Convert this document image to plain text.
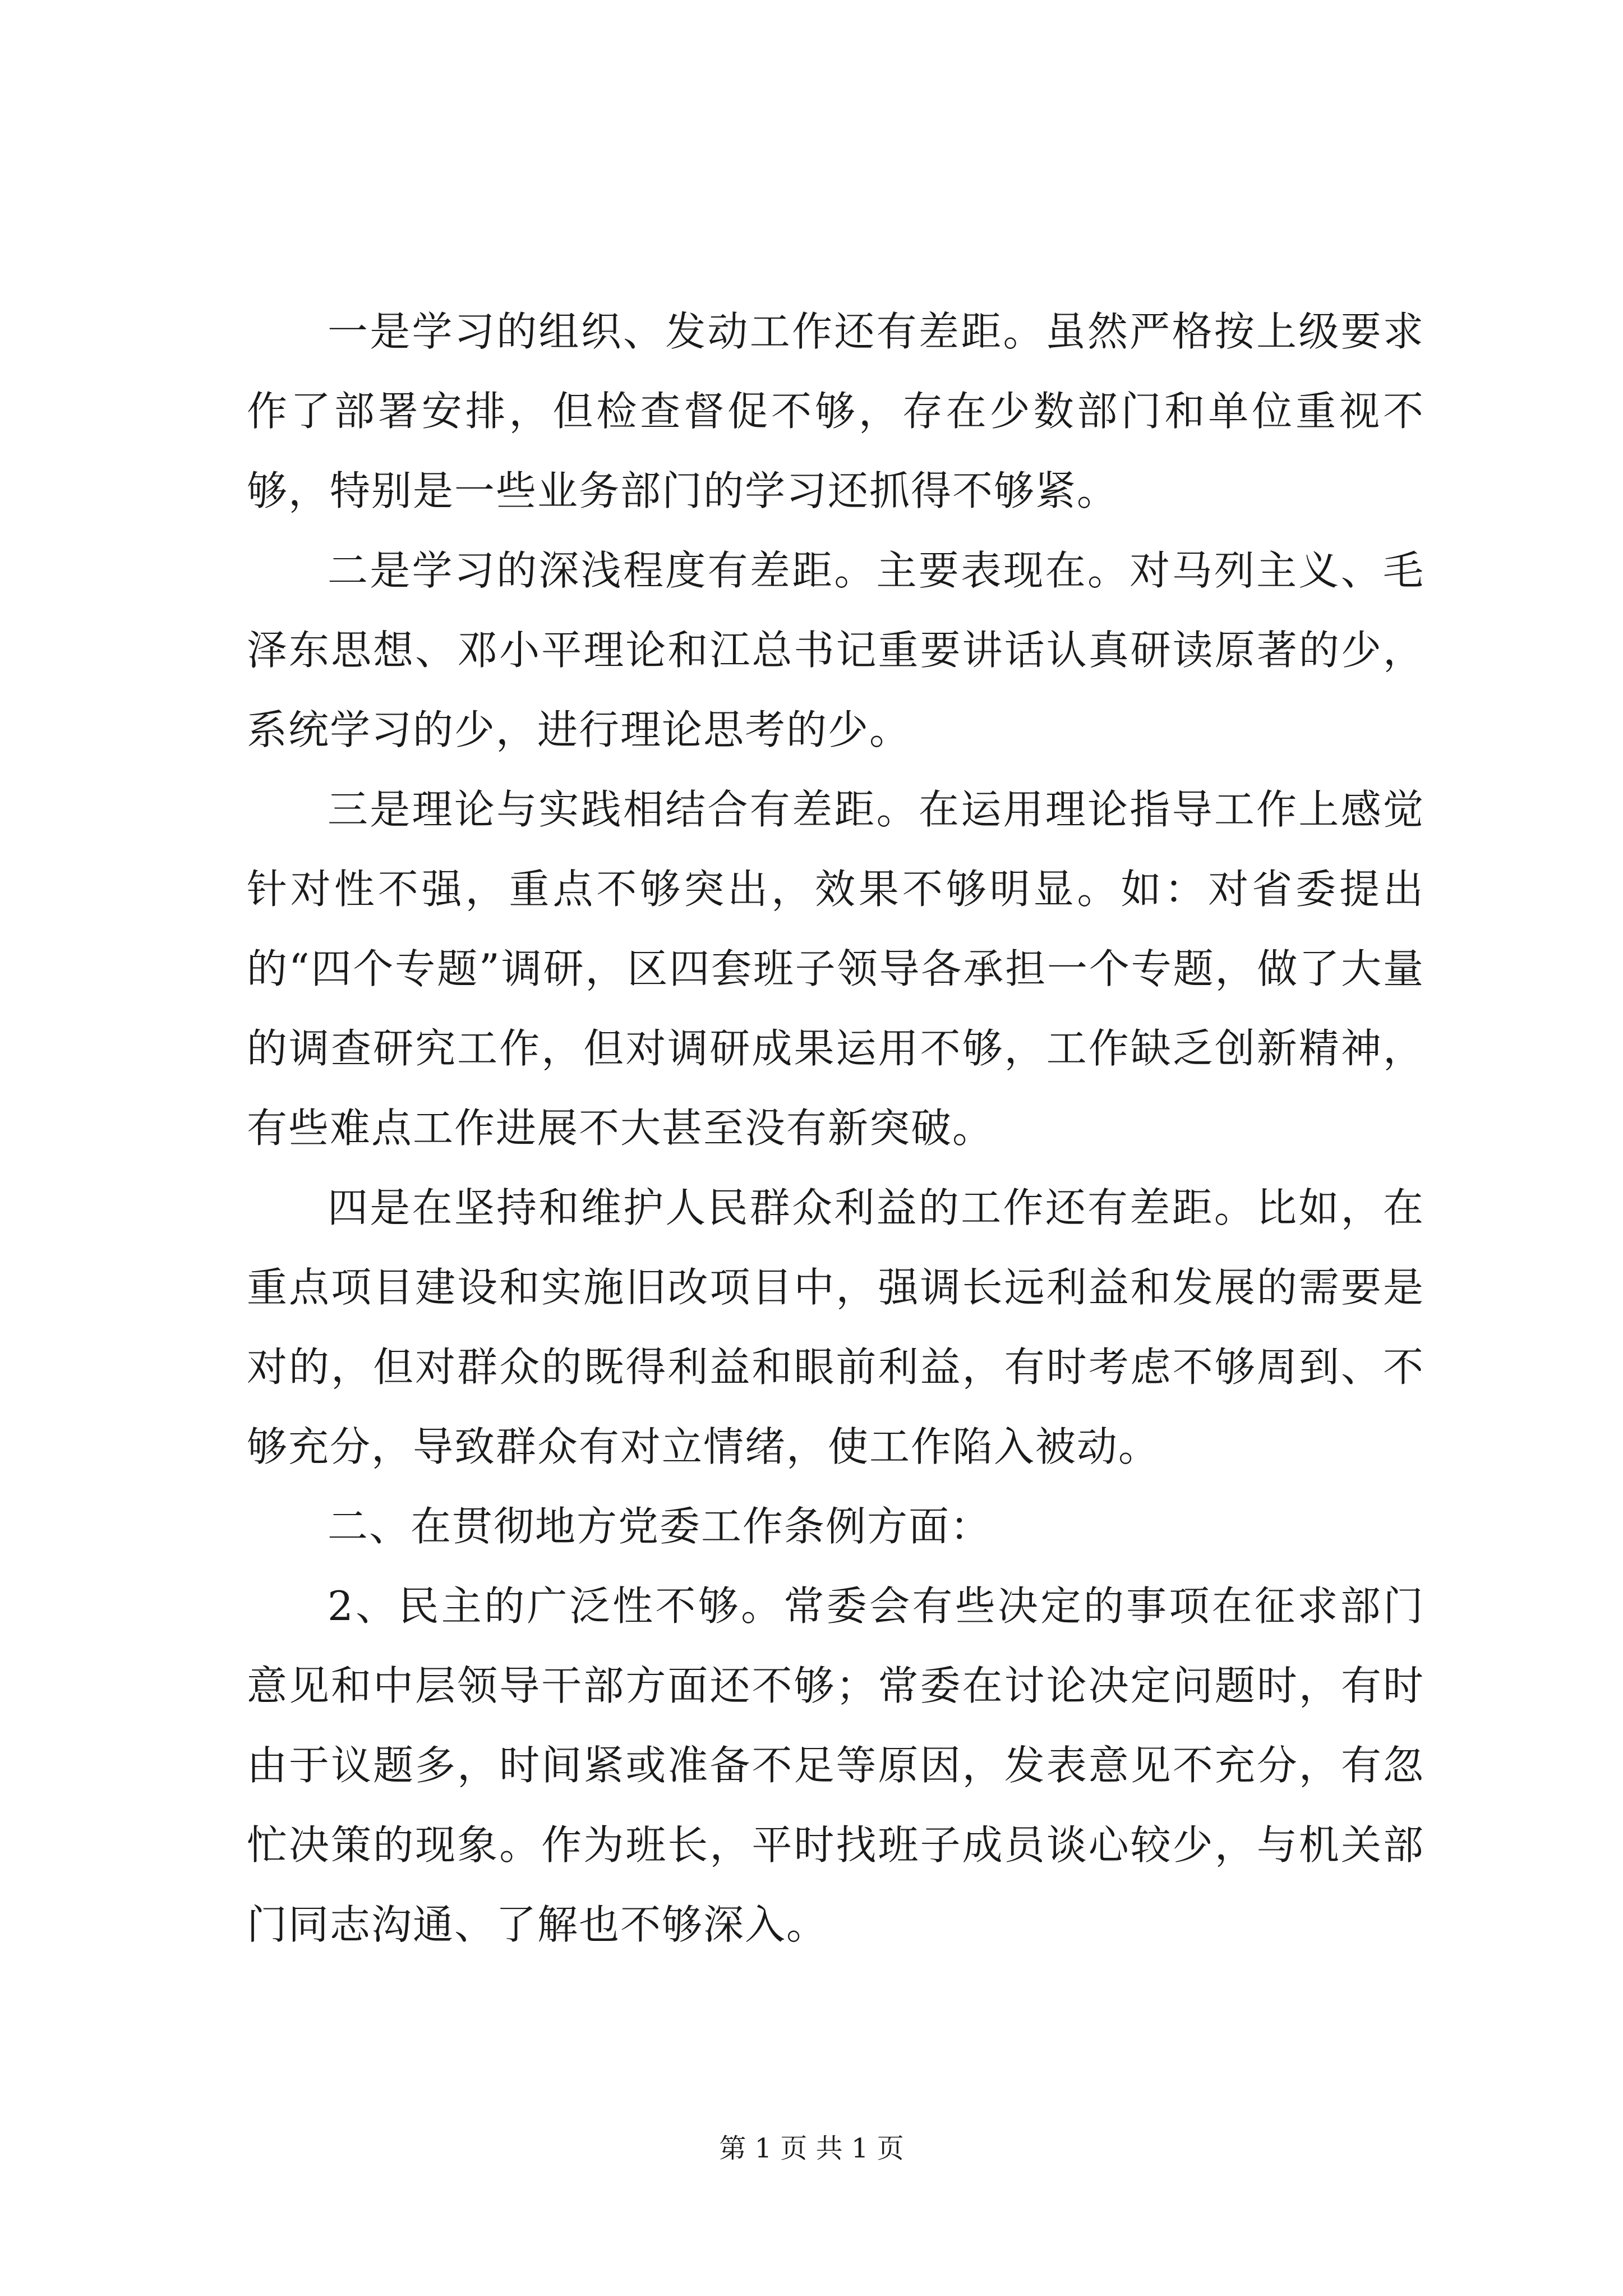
一是学习的组织、发动工作还有差距。虽然严格按上级要求作了部署安排，但检查督促不够，存在少数部门和单位重视不够，特别是一些业务部门的学习还抓得不够紧。

二是学习的深浅程度有差距。主要表现在。对马列主义、毛泽东思想、邓小平理论和江总书记重要讲话认真研读原著的少，系统学习的少，进行理论思考的少。

三是理论与实践相结合有差距。在运用理论指导工作上感觉针对性不强，重点不够突出，效果不够明显。如：对省委提出的“四个专题”调研，区四套班子领导各承担一个专题，做了大量的调查研究工作，但对调研成果运用不够，工作缺乏创新精神，有些难点工作进展不大甚至没有新突破。

四是在坚持和维护人民群众利益的工作还有差距。比如，在重点项目建设和实施旧改项目中，强调长远利益和发展的需要是对的，但对群众的既得利益和眼前利益，有时考虑不够周到、不够充分，导致群众有对立情绪，使工作陷入被动。

二、在贯彻地方党委工作条例方面：

2、民主的广泛性不够。常委会有些决定的事项在征求部门意见和中层领导干部方面还不够；常委在讨论决定问题时，有时由于议题多，时间紧或准备不足等原因，发表意见不充分，有忽忙决策的现象。作为班长，平时找班子成员谈心较少，与机关部门同志沟通、了解也不够深入。

第 1 页 共 1 页
